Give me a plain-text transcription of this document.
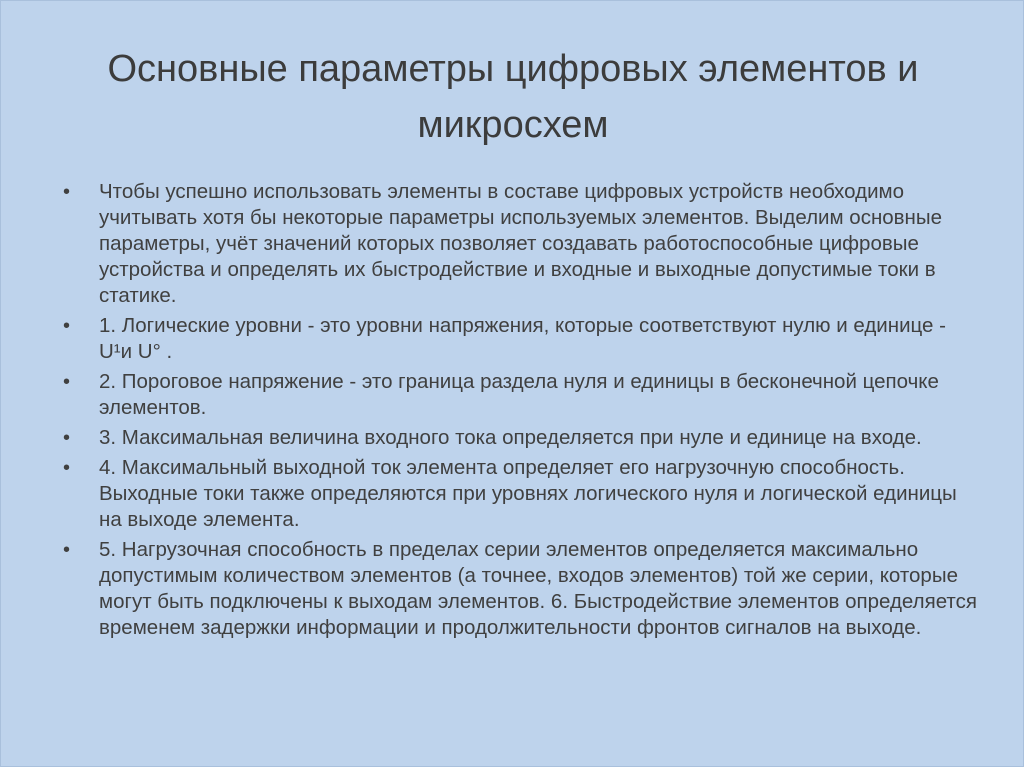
Основные параметры цифровых элементов и микросхем
•	Чтобы успешно использовать элементы в составе цифровых устройств необходимо учитывать хотя бы некоторые параметры используемых элементов. Выделим основные параметры, учёт значений которых позволяет создавать работоспособные цифровые устройства и определять их быстродействие и входные и выходные допустимые токи в статике.
•	1. Логические уровни - это уровни напряжения, которые соответствуют нулю и единице - U¹и U° .
•	2. Пороговое напряжение - это граница раздела нуля и единицы в бесконечной цепочке элементов.
•	3. Максимальная величина входного тока определяется при нуле и единице на входе.
•	4. Максимальный выходной ток элемента определяет его нагрузочную способность. Выходные токи также определяются при уровнях логического нуля и логической единицы на выходе элемента.
•	5. Нагрузочная способность в пределах серии элементов определяется максимально допустимым количеством элементов (а точнее, входов элементов) той же серии, которые могут быть подключены к выходам элементов. 6. Быстродействие элементов определяется временем задержки информации и продолжительности фронтов сигналов на выходе.
